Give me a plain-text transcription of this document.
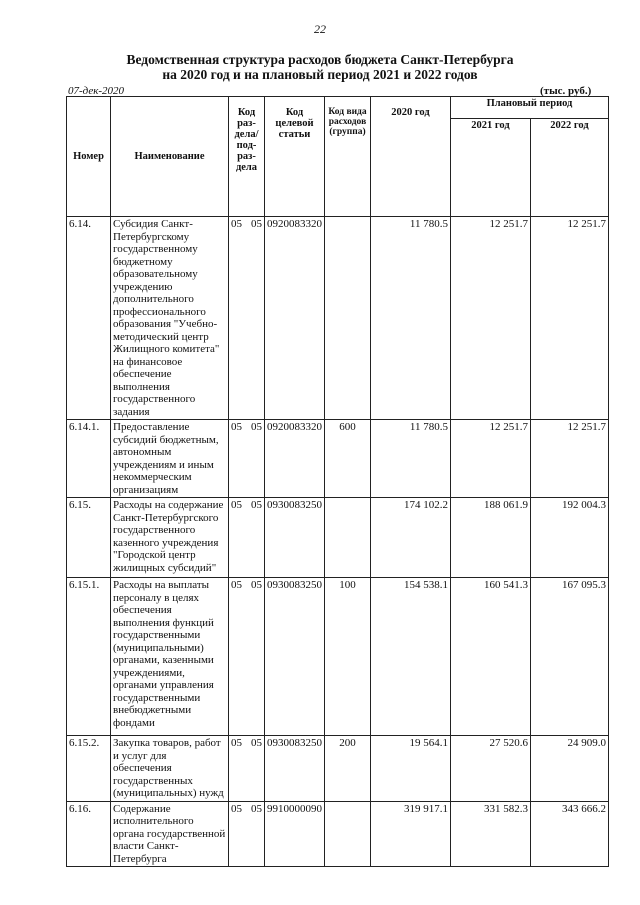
22
Ведомственная структура расходов бюджета Санкт-Петербурга
на 2020 год и на плановый период 2021 и 2022 годов
07-дек-2020	(тыс. руб.)
Номер	Наименование	Код раз-дела/ под-раз-дела	Код целевой статьи	Код вида расходов (группа)	2020 год	Плановый период	
						2021 год	2022 год
6.14.	Субсидия Санкт-Петербургскому государственному бюджетному образовательному учреждению дополнительного профессионального образования "Учебно-методический центр Жилищного комитета" на финансовое обеспечение выполнения государственного задания	05 05	0920083320		11 780.5	12 251.7	12 251.7
6.14.1.	Предоставление субсидий бюджетным, автономным учреждениям и иным некоммерческим организациям	05 05	0920083320	600	11 780.5	12 251.7	12 251.7
6.15.	Расходы на содержание Санкт-Петербургского государственного казенного учреждения "Городской центр жилищных субсидий"	05 05	0930083250		174 102.2	188 061.9	192 004.3
6.15.1.	Расходы на выплаты персоналу в целях обеспечения выполнения функций государственными (муниципальными) органами, казенными учреждениями, органами управления государственными внебюджетными фондами	05 05	0930083250	100	154 538.1	160 541.3	167 095.3
6.15.2.	Закупка товаров, работ и услуг для обеспечения государственных (муниципальных) нужд	05 05	0930083250	200	19 564.1	27 520.6	24 909.0
6.16.	Содержание исполнительного органа государственной власти Санкт-Петербурга	05 05	9910000090		319 917.1	331 582.3	343 666.2
